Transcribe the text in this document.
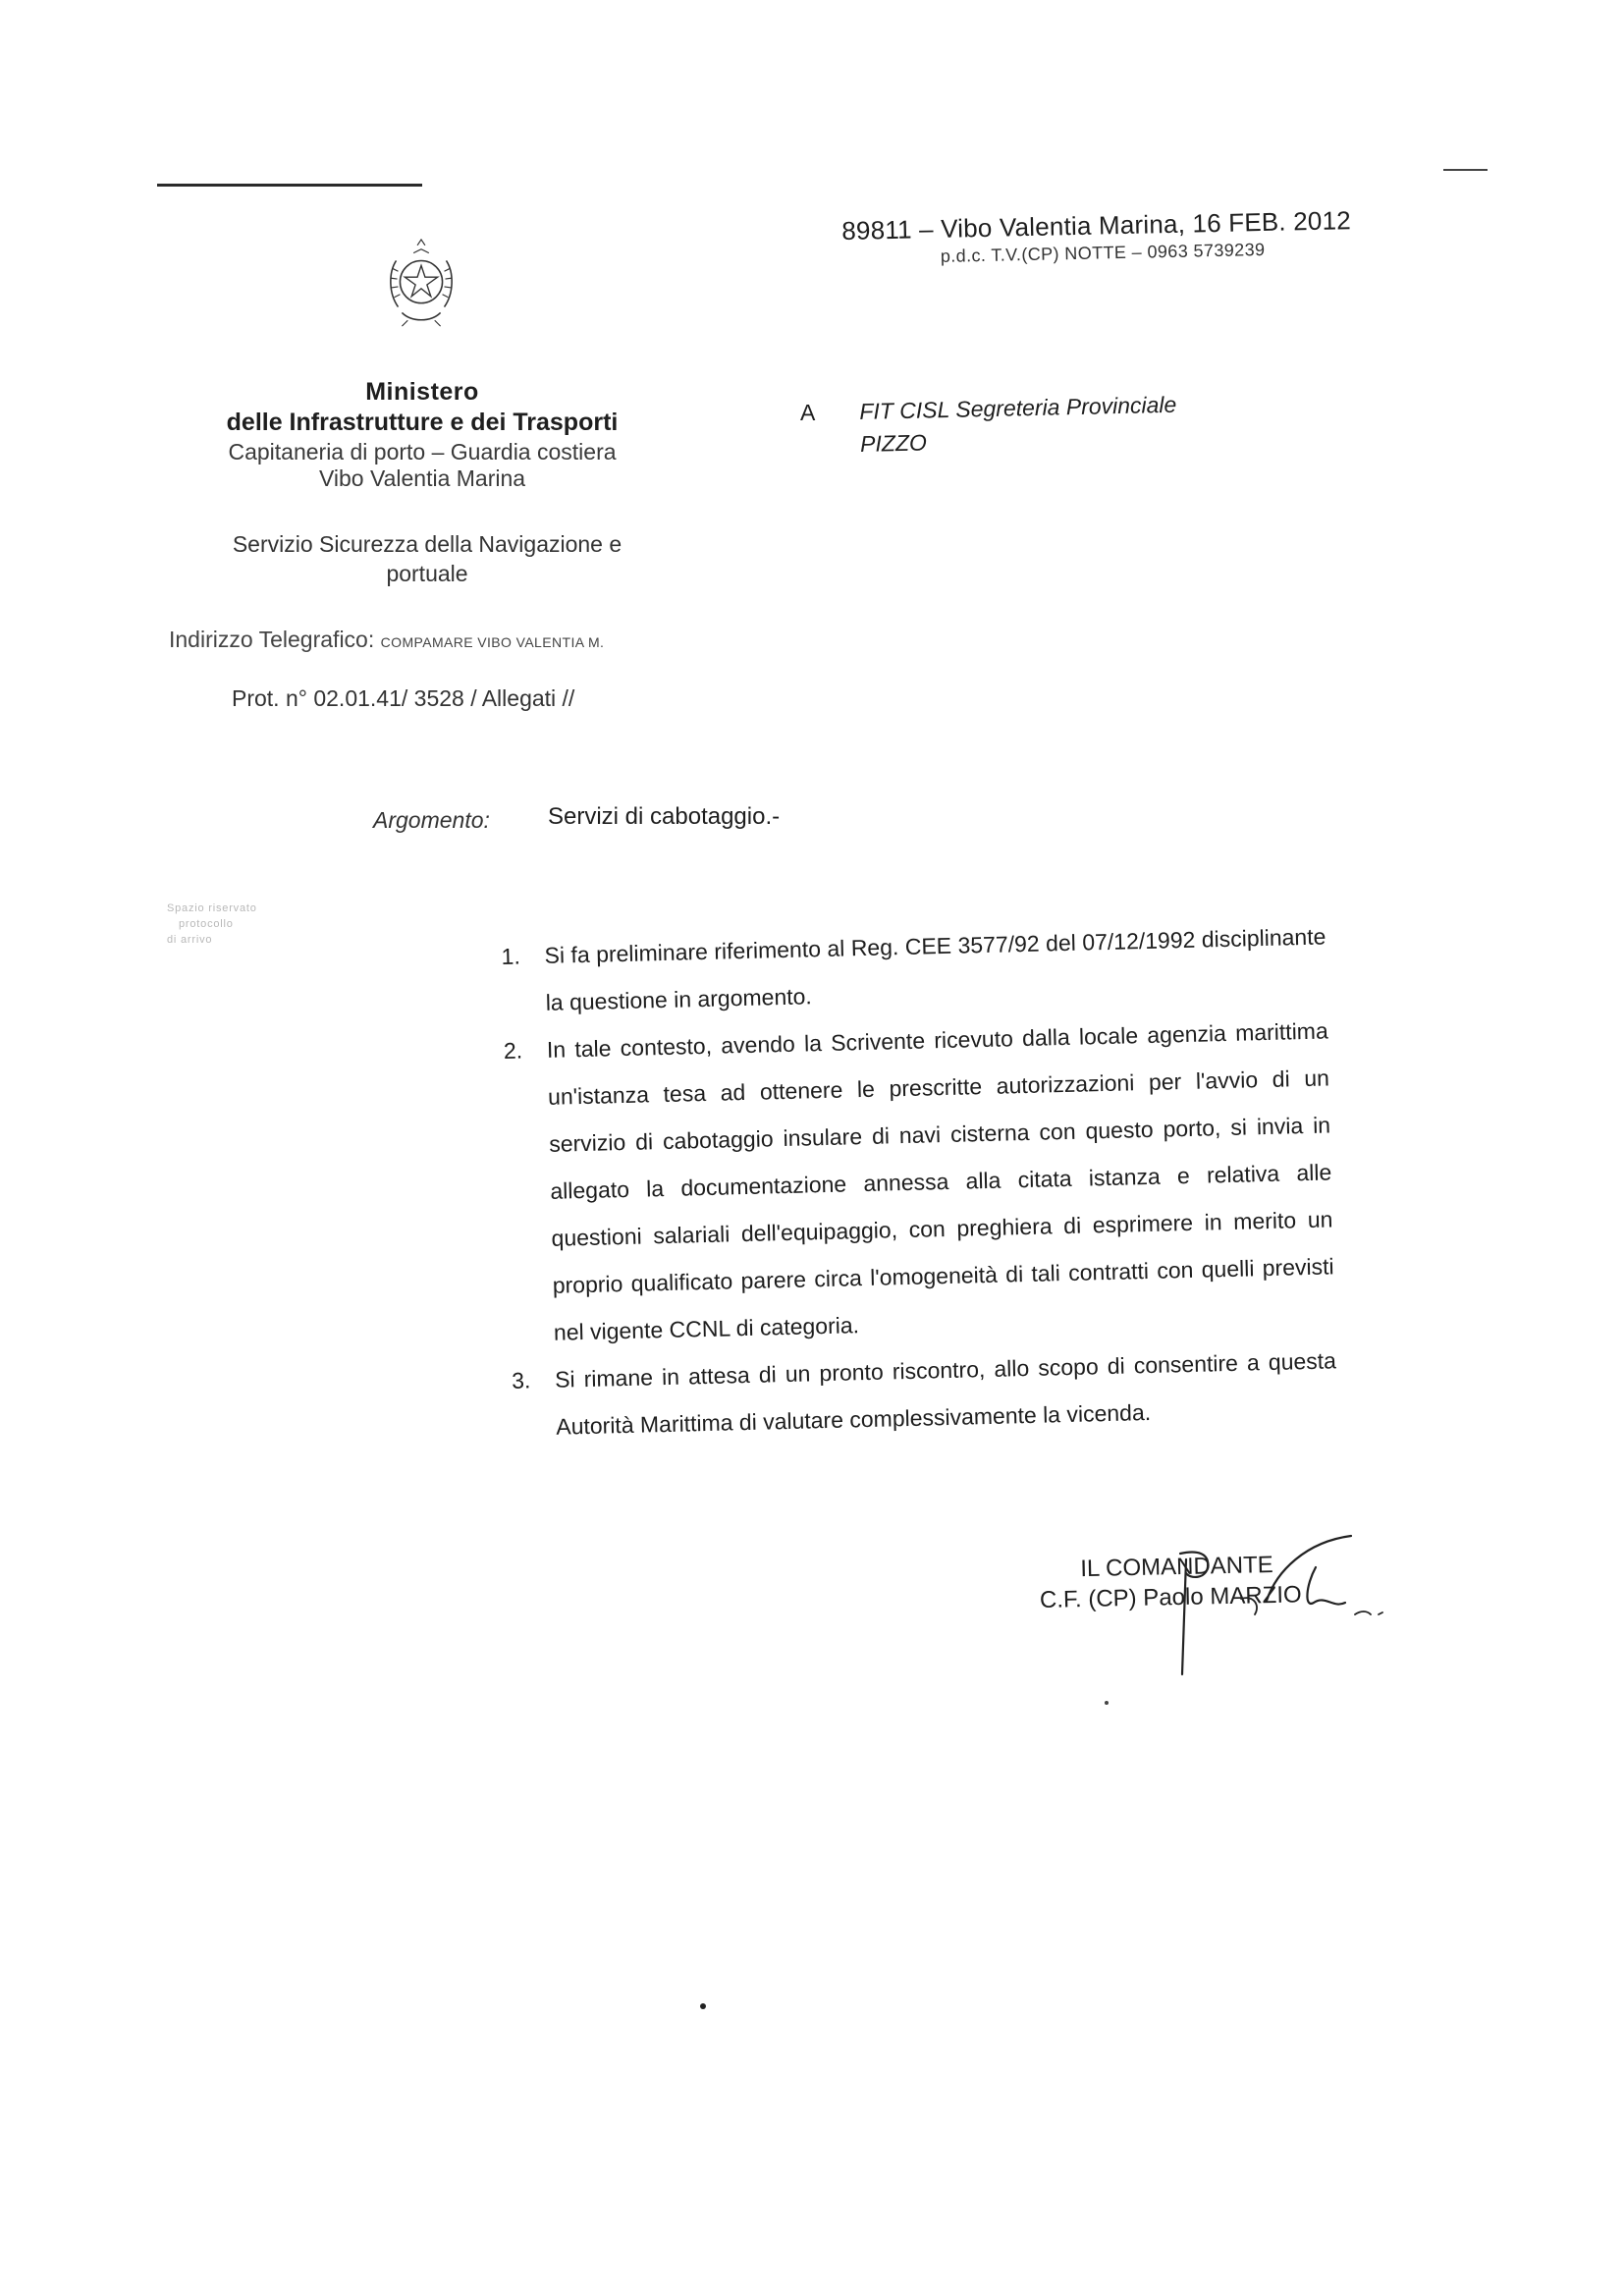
89811 – Vibo Valentia Marina, 16 FEB. 2012
p.d.c. T.V.(CP) NOTTE – 0963 5739239
Ministero
delle Infrastrutture e dei Trasporti
Capitaneria di porto – Guardia costiera
Vibo Valentia Marina
Servizio Sicurezza della Navigazione e
portuale
Indirizzo Telegrafico: COMPAMARE VIBO VALENTIA M.
Prot. n° 02.01.41/ 3528 / Allegati //
A FIT CISL Segreteria Provinciale
PIZZO
Argomento: Servizi di cabotaggio.-
Spazio riservato
protocollo
di arrivo
1.	Si fa preliminare riferimento al Reg. CEE 3577/92 del 07/12/1992 disciplinante la questione in argomento.
2.	In tale contesto, avendo la Scrivente ricevuto dalla locale agenzia marittima un'istanza tesa ad ottenere le prescritte autorizzazioni per l'avvio di un servizio di cabotaggio insulare di navi cisterna con questo porto, si invia in allegato la documentazione annessa alla citata istanza e relativa alle questioni salariali dell'equipaggio, con preghiera di esprimere in merito un proprio qualificato parere circa l'omogeneità di tali contratti con quelli previsti nel vigente CCNL di categoria.
3.	Si rimane in attesa di un pronto riscontro, allo scopo di consentire a questa Autorità Marittima di valutare complessivamente la vicenda.
IL COMANDANTE
C.F. (CP) Paolo MARZIO
